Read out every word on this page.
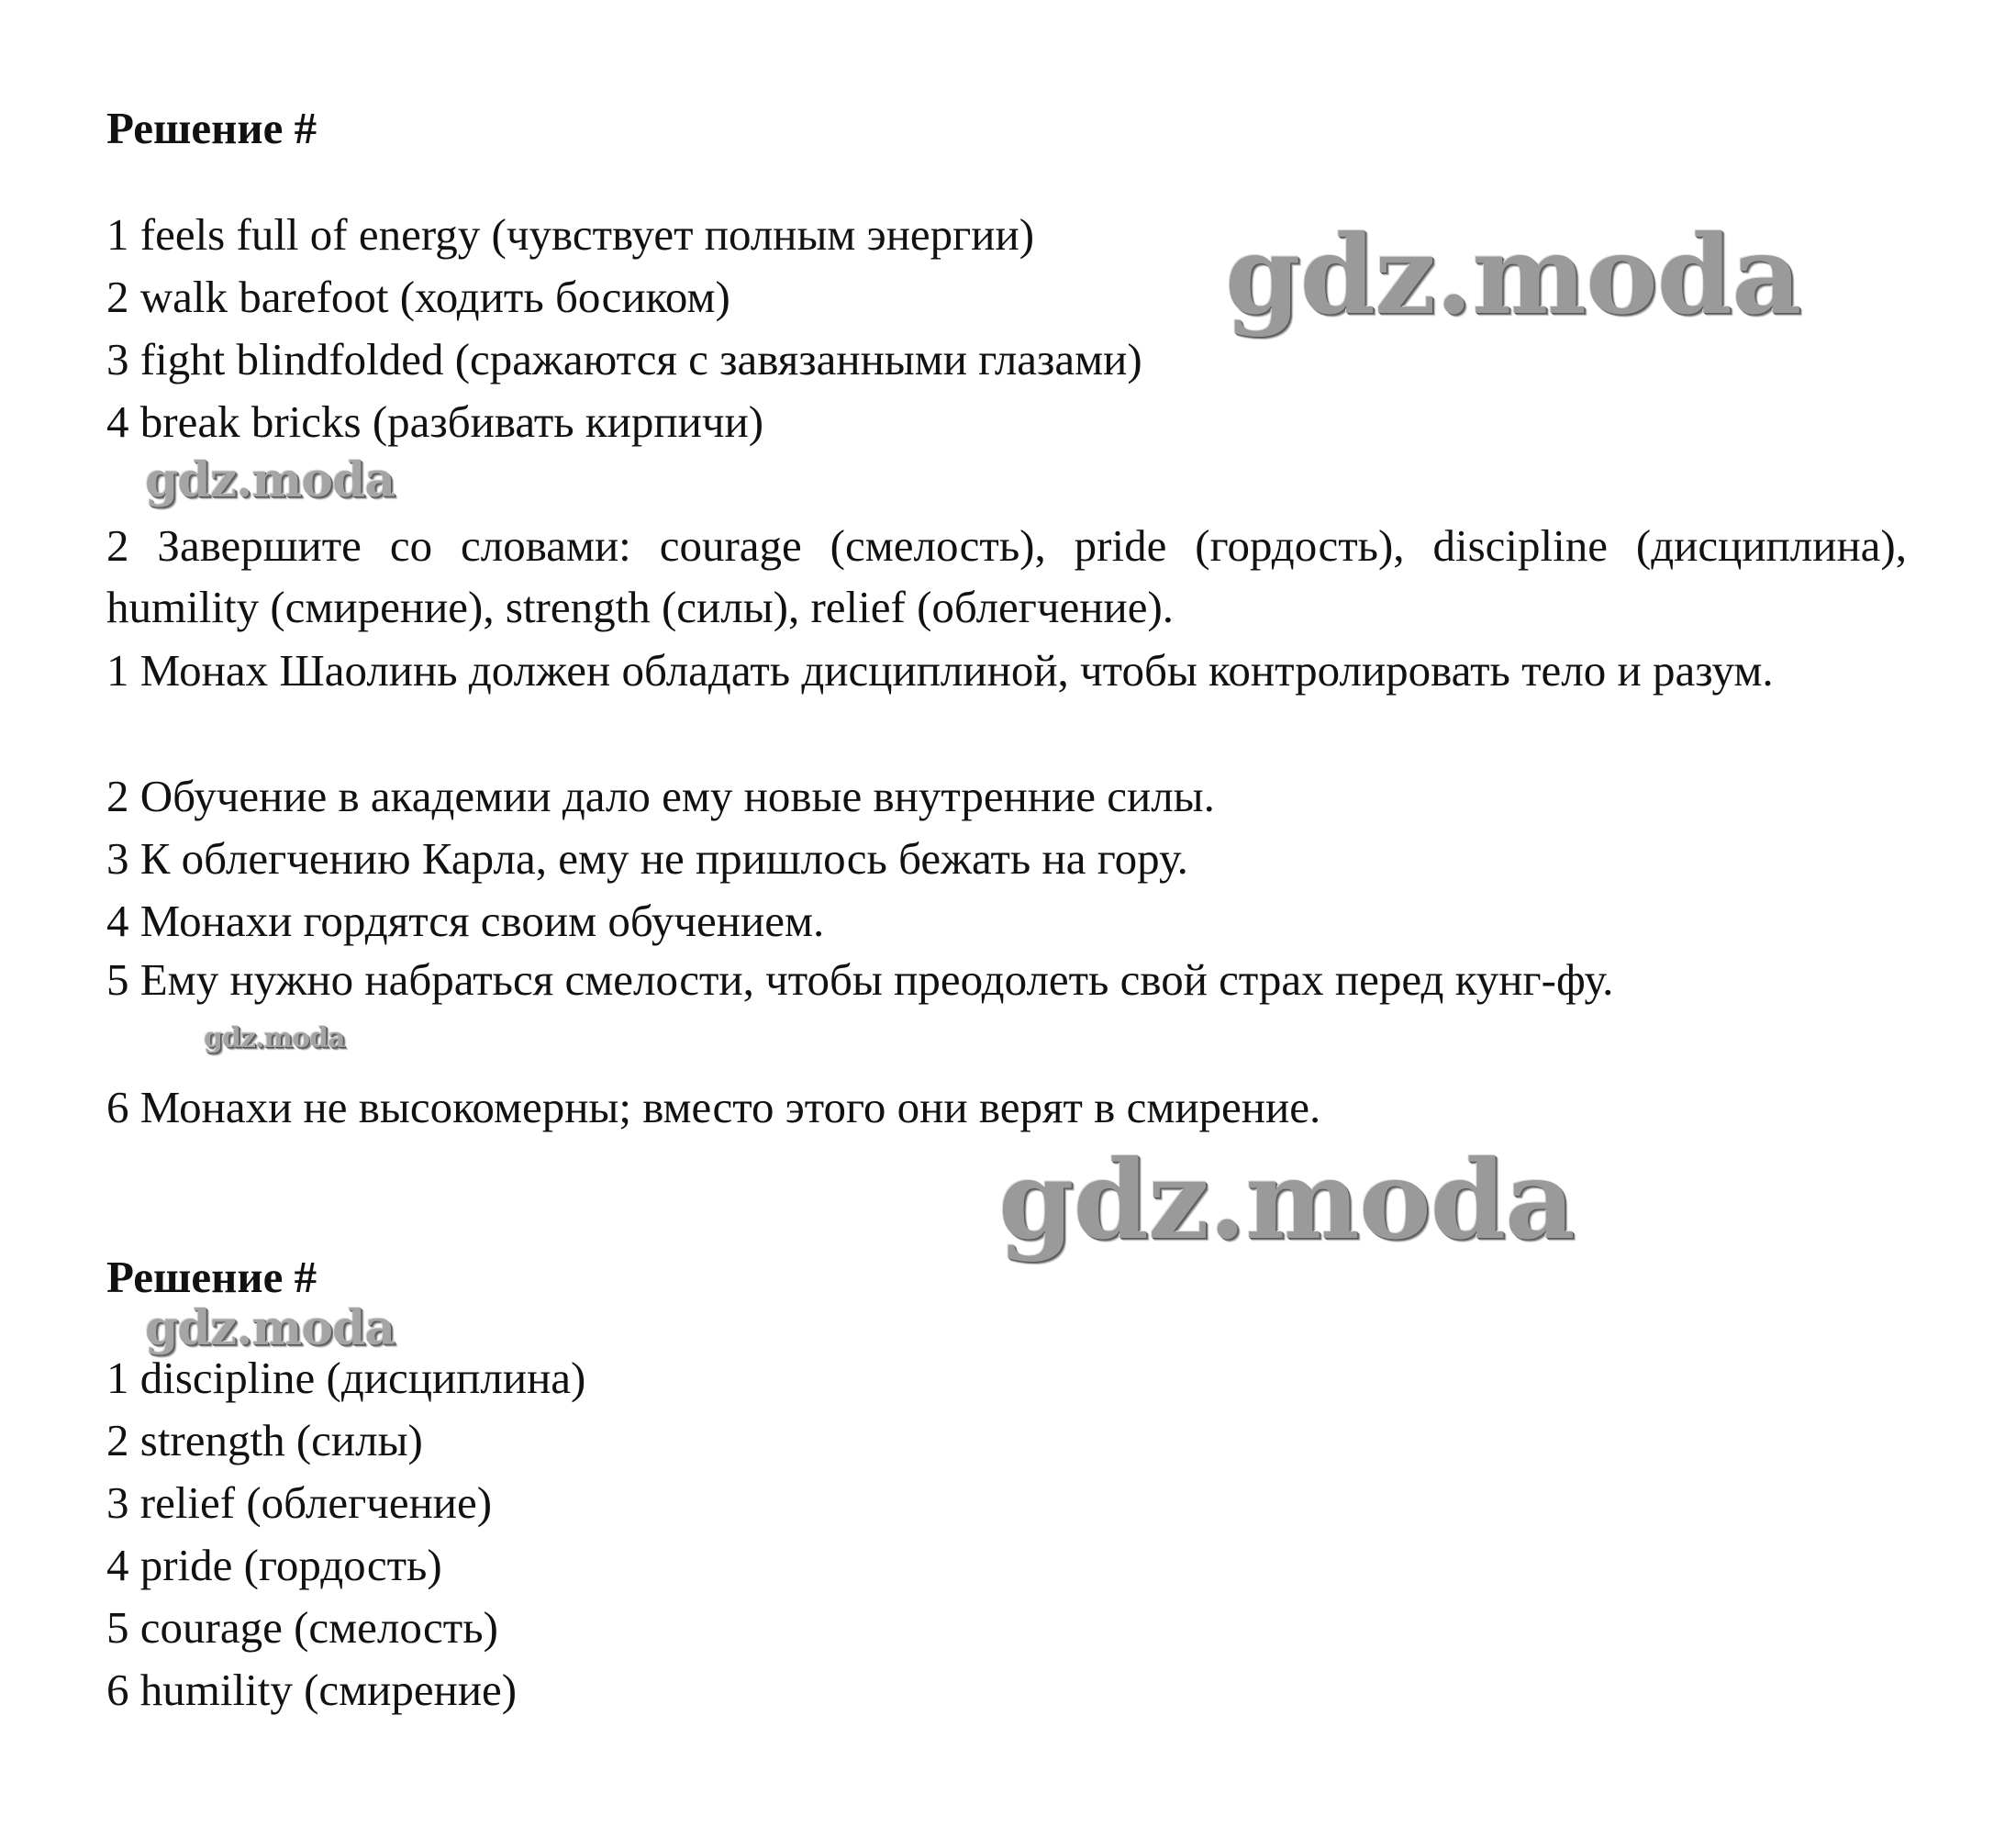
Решение #

1 feels full of energy (чувствует полным энергии)

2 walk barefoot (ходить босиком)

3 fight blindfolded (сражаются с завязанными глазами)

4 break bricks (разбивать кирпичи)

2 Завершите со словами: courage (смелость), pride (гордость), discipline (дисциплина), humility (смирение), strength (силы), relief (облегчение).

1 Монах Шаолинь должен обладать дисциплиной, чтобы контролировать тело и разум.

2 Обучение в академии дало ему новые внутренние силы.

3 К облегчению Карла, ему не пришлось бежать на гору.

4 Монахи гордятся своим обучением.

5 Ему нужно набраться смелости, чтобы преодолеть свой страх перед кунг-фу.

6 Монахи не высокомерны; вместо этого они верят в смирение.

Решение #

1 discipline (дисциплина)

2 strength (силы)

3 relief (облегчение)

4 pride (гордость)

5 courage (смелость)

6 humility (смирение)

gdz.moda
gdz.moda
gdz.moda
gdz.moda
gdz.moda
